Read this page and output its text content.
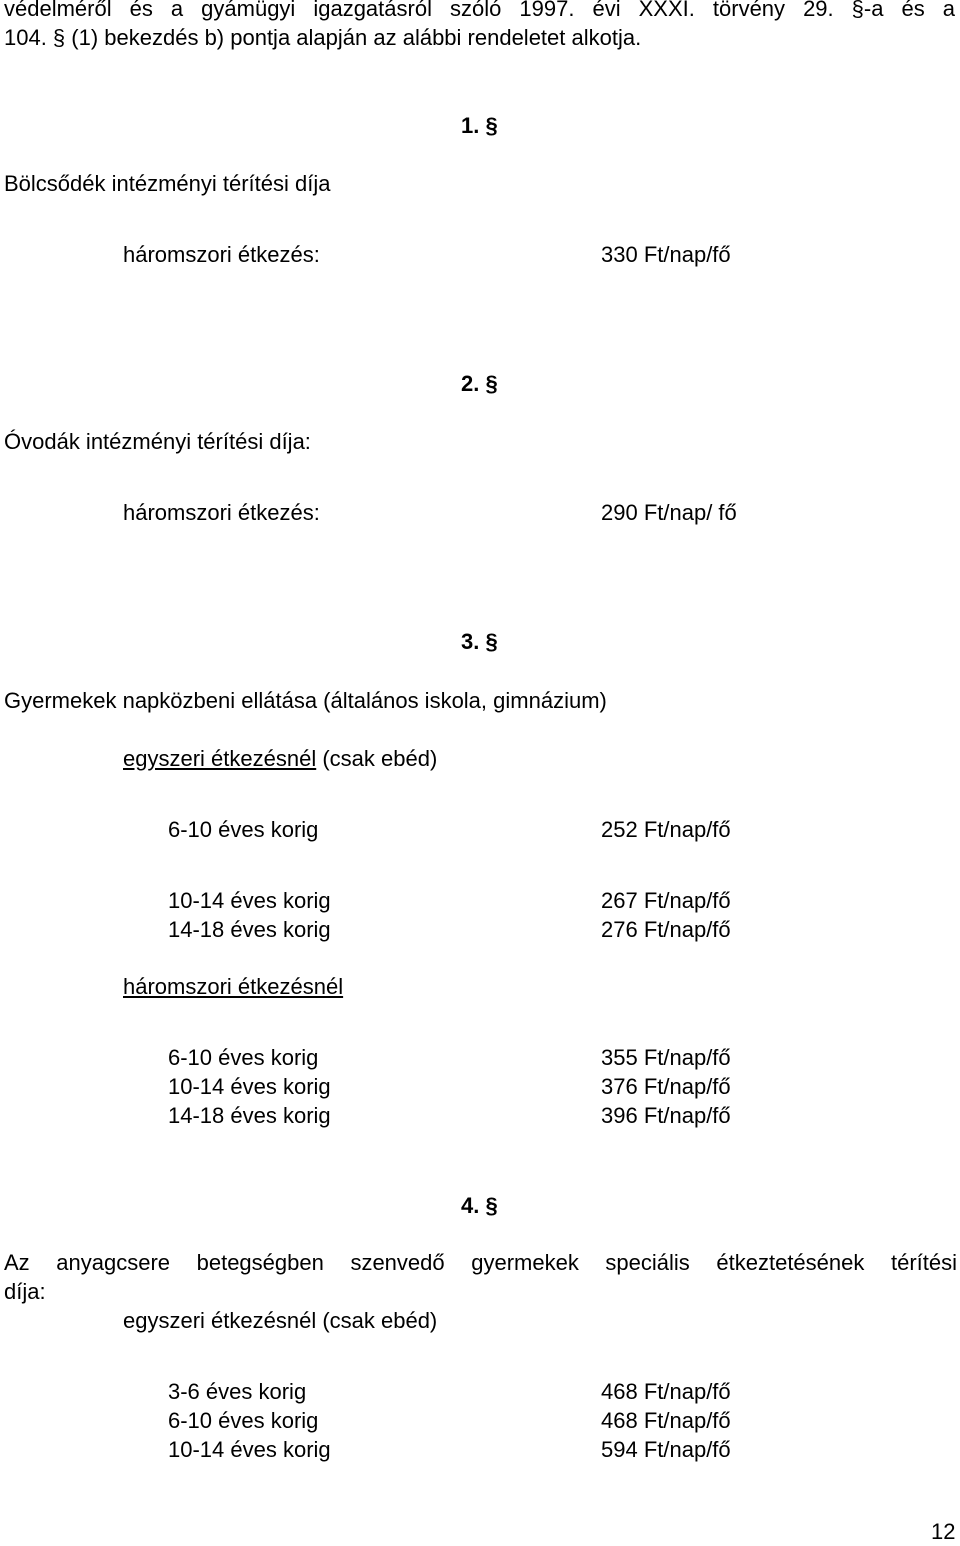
védelméről és a gyámügyi igazgatásról szóló 1997. évi XXXI. törvény 29. §-a és a
104. § (1) bekezdés b) pontja alapján az alábbi rendeletet alkotja.
1. §
Bölcsődék intézményi térítési díja
háromszori étkezés:	330 Ft/nap/fő
2. §
Óvodák intézményi térítési díja:
háromszori étkezés:	290 Ft/nap/ fő
3. §
Gyermekek napközbeni ellátása (általános iskola, gimnázium)
egyszeri étkezésnél (csak ebéd)
6-10 éves korig	252 Ft/nap/fő
10-14 éves korig	267 Ft/nap/fő
14-18 éves korig	276 Ft/nap/fő
háromszori étkezésnél
6-10 éves korig	355 Ft/nap/fő
10-14 éves korig	376 Ft/nap/fő
14-18 éves korig	396 Ft/nap/fő
4. §
Az anyagcsere betegségben szenvedő gyermekek speciális étkeztetésének térítési
díja:
egyszeri étkezésnél (csak ebéd)
3-6 éves korig	468 Ft/nap/fő
6-10 éves korig	468 Ft/nap/fő
10-14 éves korig	594 Ft/nap/fő
12
